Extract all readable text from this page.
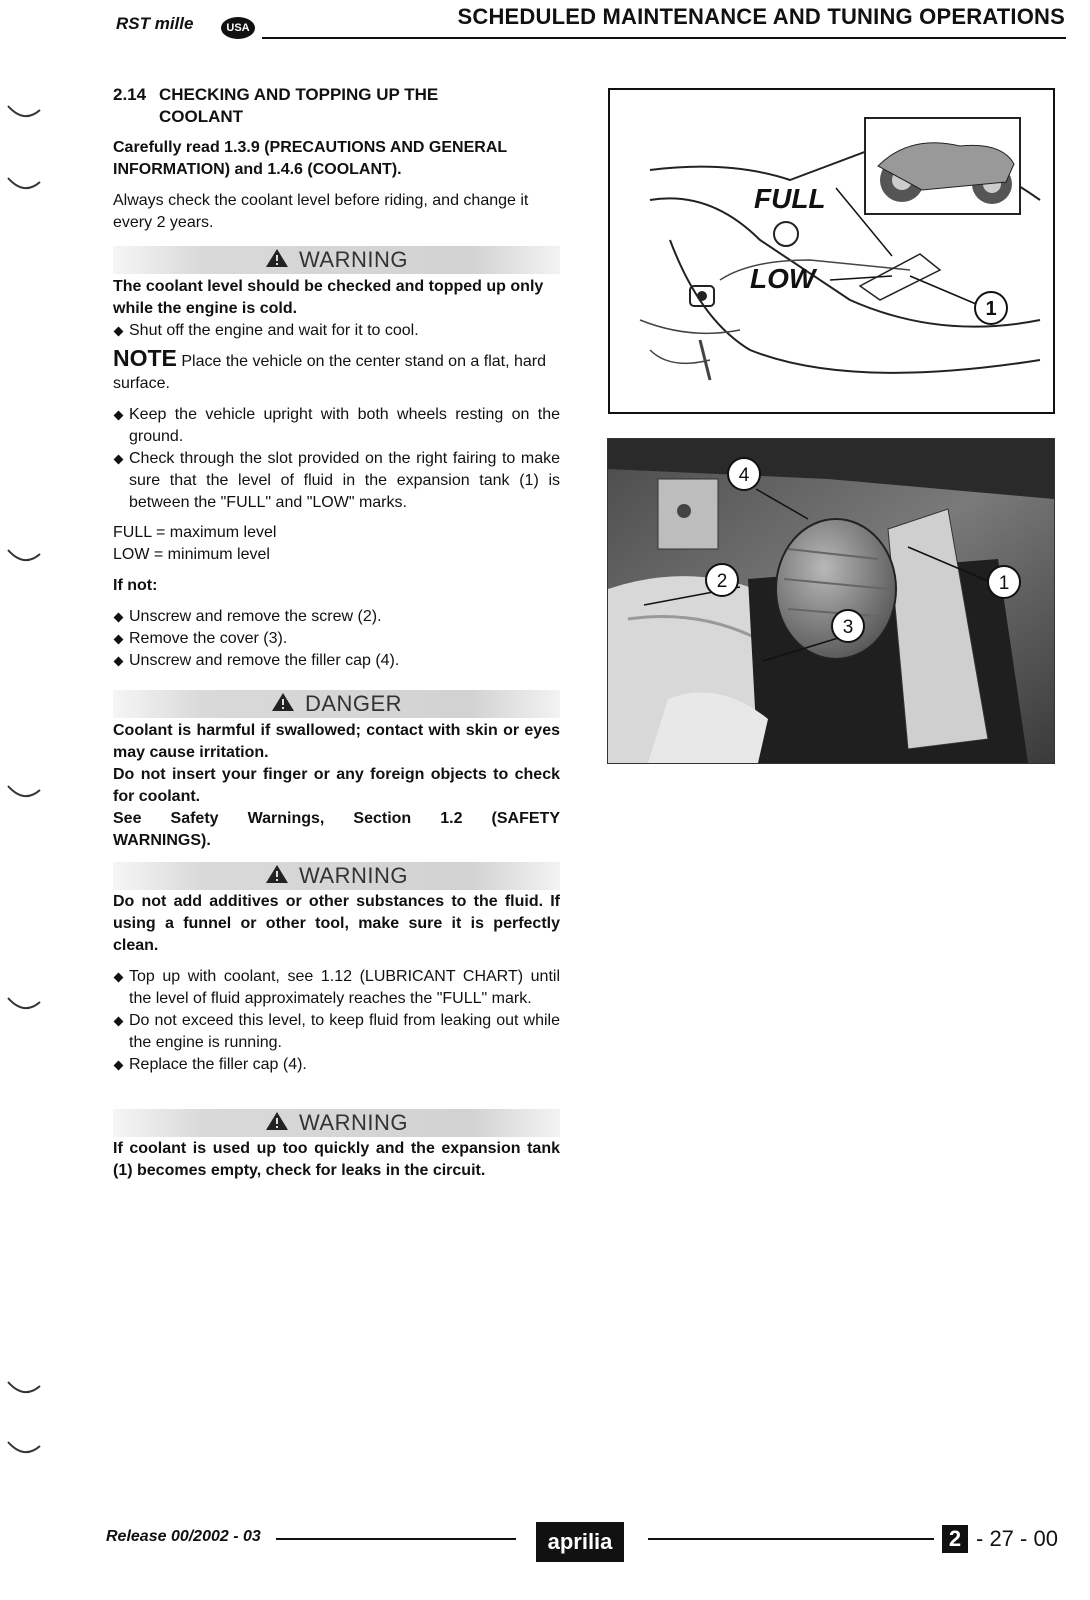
RST mille	USA	SCHEDULED MAINTENANCE AND TUNING OPERATIONS
2.14 CHECKING AND TOPPING UP THE
COOLANT
Carefully read 1.3.9 (PRECAUTIONS AND GENERAL INFORMATION) and 1.4.6 (COOLANT).
Always check the coolant level before riding, and change it every 2 years.
WARNING
The coolant level should be checked and topped up only while the engine is cold.
Shut off the engine and wait for it to cool.
NOTE Place the vehicle on the center stand on a flat, hard surface.
Keep the vehicle upright with both wheels resting on the ground.
Check through the slot provided on the right fairing to make sure that the level of fluid in the expansion tank (1) is between the "FULL" and "LOW" marks.
FULL = maximum level
LOW = minimum level
If not:
Unscrew and remove the screw (2).
Remove the cover (3).
Unscrew and remove the filler cap (4).
DANGER
Coolant is harmful if swallowed; contact with skin or eyes may cause irritation.
Do not insert your finger or any foreign objects to check for coolant.
See Safety Warnings, Section 1.2 (SAFETY WARNINGS).
WARNING
Do not add additives or other substances to the fluid. If using a funnel or other tool, make sure it is perfectly clean.
Top up with coolant, see 1.12 (LUBRICANT CHART) until the level of fluid approximately reaches the "FULL" mark.
Do not exceed this level, to keep fluid from leaking out while the engine is running.
Replace the filler cap (4).
WARNING
If coolant is used up too quickly and the expansion tank (1) becomes empty, check for leaks in the circuit.
FULL
LOW
1
1
2
3
4
Release 00/2002 - 03	aprilia	2 - 27 - 00
